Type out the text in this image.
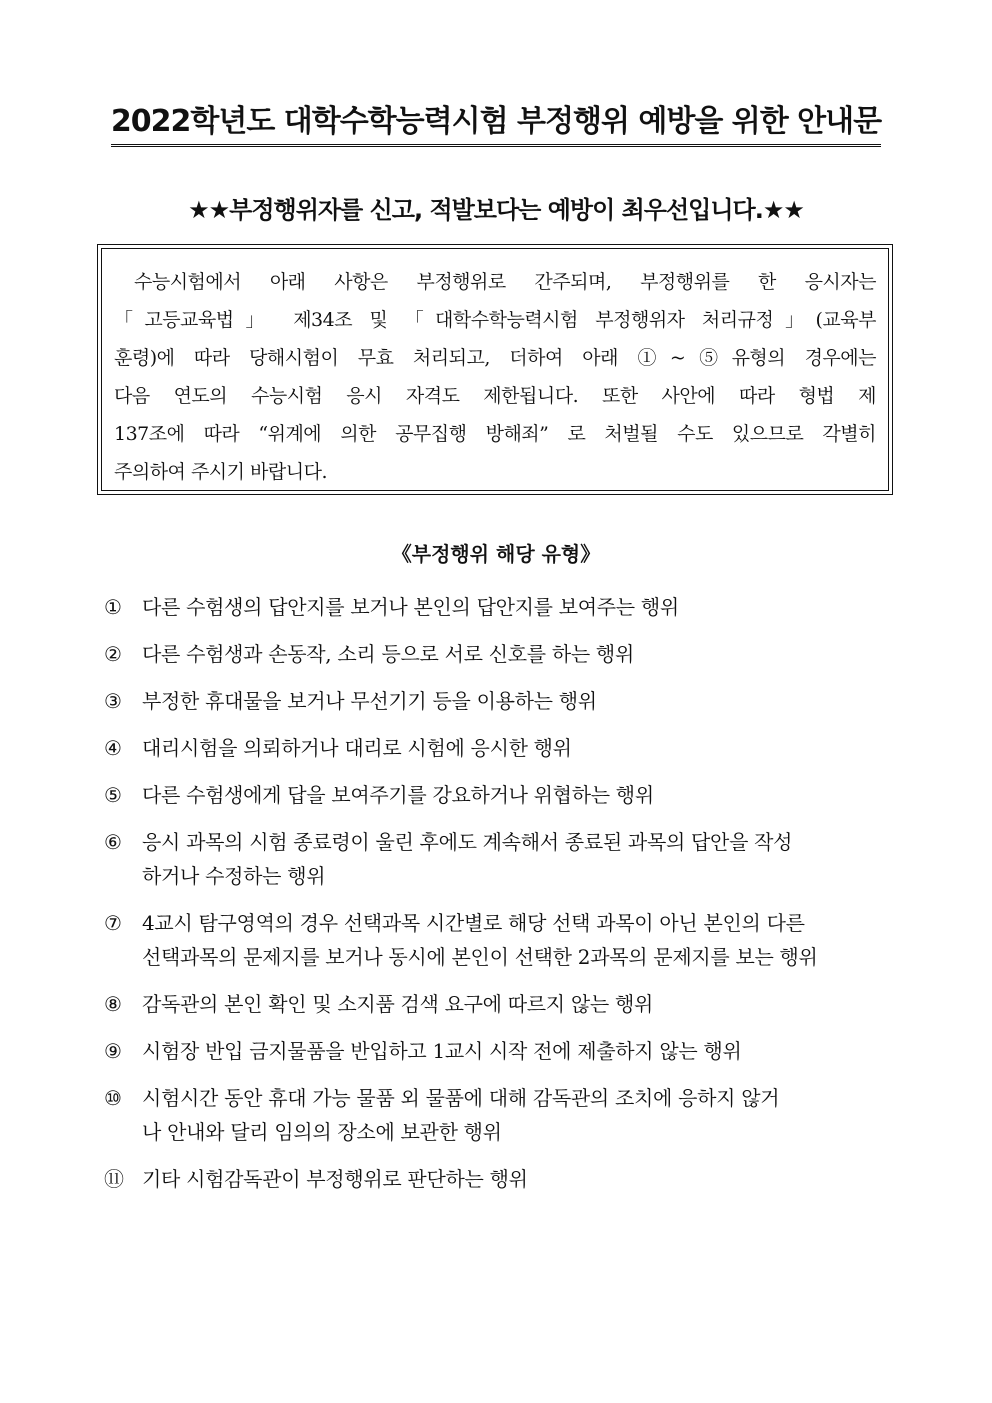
2022학년도 대학수학능력시험 부정행위 예방을 위한 안내문
★★부정행위자를 신고, 적발보다는 예방이 최우선입니다.★★
수능시험에서 아래 사항은 부정행위로 간주되며, 부정행위를 한 응시자는
「고등교육법」 제34조 및 「대학수학능력시험 부정행위자 처리규정」(교육부
훈령)에 따라 당해시험이 무효 처리되고, 더하여 아래 ①~⑤유형의 경우에는
다음 연도의 수능시험 응시 자격도 제한됩니다. 또한 사안에 따라 형법 제
137조에 따라 “위계에 의한 공무집행 방해죄” 로 처벌될 수도 있으므로 각별히
주의하여 주시기 바랍니다.
《부정행위 해당 유형》
①	다른 수험생의 답안지를 보거나 본인의 답안지를 보여주는 행위
②	다른 수험생과 손동작, 소리 등으로 서로 신호를 하는 행위
③	부정한 휴대물을 보거나 무선기기 등을 이용하는 행위
④	대리시험을 의뢰하거나 대리로 시험에 응시한 행위
⑤	다른 수험생에게 답을 보여주기를 강요하거나 위협하는 행위
⑥	응시 과목의 시험 종료령이 울린 후에도 계속해서 종료된 과목의 답안을 작성
하거나 수정하는 행위
⑦	4교시 탐구영역의 경우 선택과목 시간별로 해당 선택 과목이 아닌 본인의 다른
선택과목의 문제지를 보거나 동시에 본인이 선택한 2과목의 문제지를 보는 행위
⑧	감독관의 본인 확인 및 소지품 검색 요구에 따르지 않는 행위
⑨	시험장 반입 금지물품을 반입하고 1교시 시작 전에 제출하지 않는 행위
⑩	시험시간 동안 휴대 가능 물품 외 물품에 대해 감독관의 조치에 응하지 않거
나 안내와 달리 임의의 장소에 보관한 행위
⑪ 기타 시험감독관이 부정행위로 판단하는 행위
